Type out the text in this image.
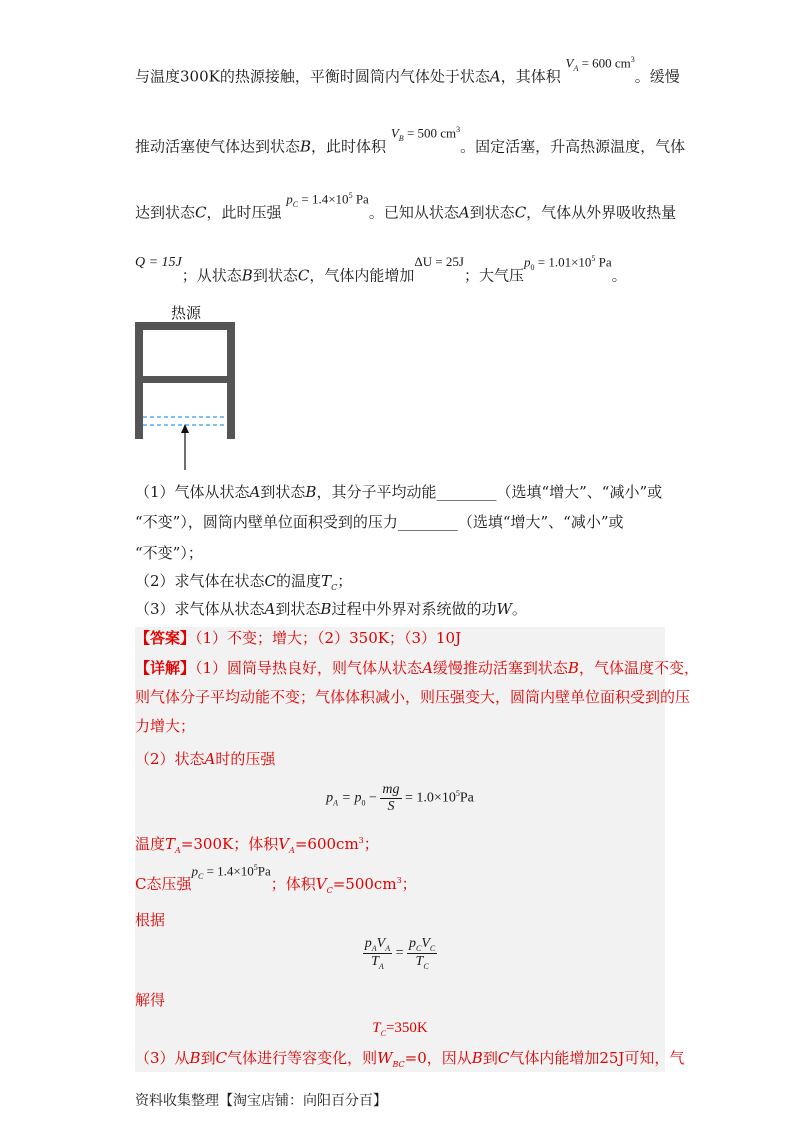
与温度300K的热源接触，平衡时圆筒内气体处于状态A，其体积 $V_A = 600$ $cm^3$。缓慢
推动活塞使气体达到状态B，此时体积 $V_B = 500$ $cm^3$。固定活塞，升高热源温度，气体
达到状态C，此时压强 $p_C = 1.4\times 10^5$ Pa。已知从状态A到状态C，气体从外界吸收热量
Q = 15J；从状态B到状态C，气体内能增加ΔU = 25J；大气压$p_0 = 1.01\times 10^5$ Pa。
热源
（1）气体从状态A到状态B，其分子平均动能________（选填“增大”、“减小”或
“不变”），圆筒内壁单位面积受到的压力________（选填“增大”、“减小”或
“不变”）；
（2）求气体在状态C的温度$T_C$；
（3）求气体从状态A到状态B过程中外界对系统做的功W。
【答案】（1）不变；增大；（2）350K；（3）10J
【详解】（1）圆筒导热良好，则气体从状态A缓慢推动活塞到状态B，气体温度不变，
则气体分子平均动能不变；气体体积减小，则压强变大，圆筒内壁单位面积受到的压
力增大；
（2）状态A时的压强
$p_A = p_0 - \frac{mg}{S} = 1.0\times 10^5Pa$
温度$T_A=300K$；体积$V_A=600cm^3$；
C态压强$p_C = 1.4\times 10^5Pa$；体积$V_C=500cm^3$；
根据
$\frac{p_AV_A}{T_A} = \frac{p_CV_C}{T_C}$
解得
$T_C=350K$
（3）从B到C气体进行等容变化，则$W_{BC}=0$，因从B到C气体内能增加25J可知，气
资料收集整理【淘宝店铺：向阳百分百】
